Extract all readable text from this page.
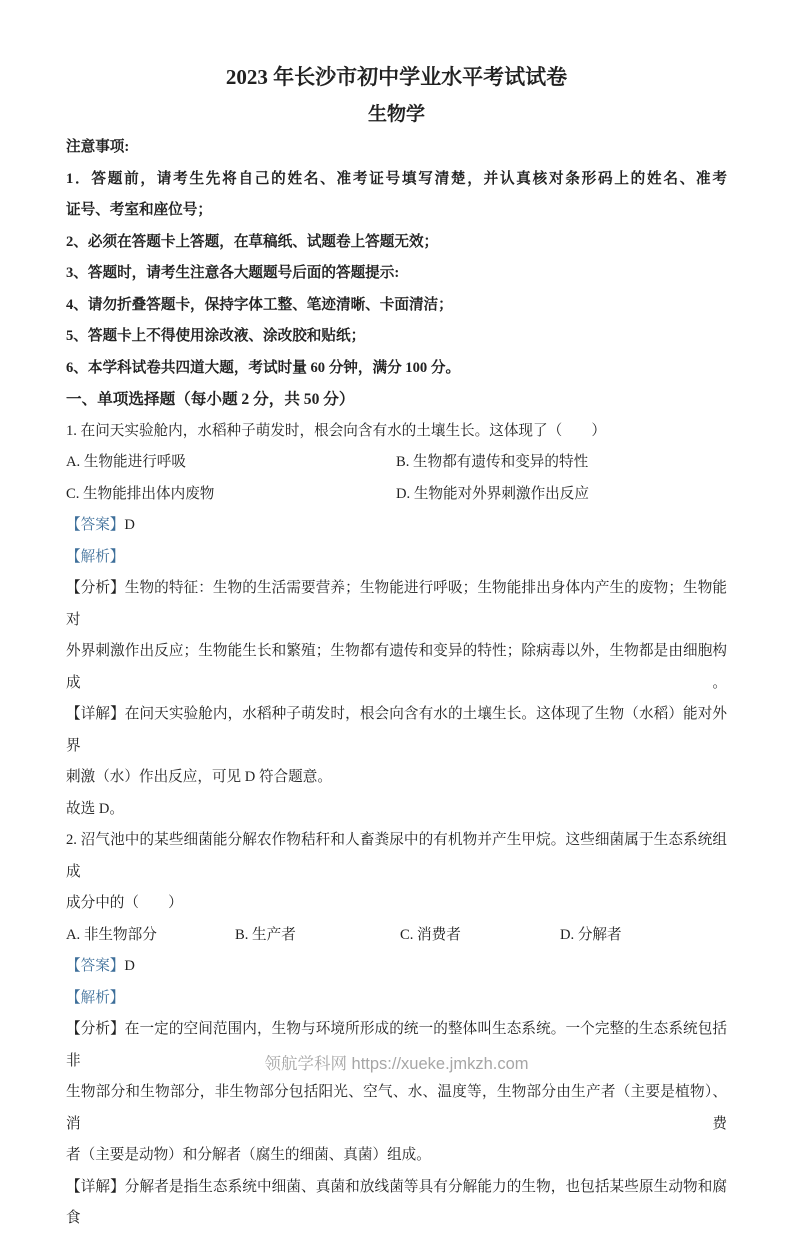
2023 年长沙市初中学业水平考试试卷
生物学
注意事项:
1．答题前，请考生先将自己的姓名、准考证号填写清楚，并认真核对条形码上的姓名、准考
证号、考室和座位号；
2、必须在答题卡上答题，在草稿纸、试题卷上答题无效；
3、答题时，请考生注意各大题题号后面的答题提示:
4、请勿折叠答题卡，保持字体工整、笔迹清晰、卡面清洁；
5、答题卡上不得使用涂改液、涂改胶和贴纸；
6、本学科试卷共四道大题，考试时量 60 分钟，满分 100 分。
一、单项选择题（每小题 2 分，共 50 分）
1. 在问天实验舱内，水稻种子萌发时，根会向含有水的土壤生长。这体现了（　　）
A. 生物能进行呼吸	B. 生物都有遗传和变异的特性
C. 生物能排出体内废物	D. 生物能对外界刺激作出反应
【答案】D
【解析】
【分析】生物的特征：生物的生活需要营养；生物能进行呼吸；生物能排出身体内产生的废物；生物能对
外界刺激作出反应；生物能生长和繁殖；生物都有遗传和变异的特性；除病毒以外，生物都是由细胞构成。
【详解】在问天实验舱内，水稻种子萌发时，根会向含有水的土壤生长。这体现了生物（水稻）能对外界
刺激（水）作出反应，可见 D 符合题意。
故选 D。
2. 沼气池中的某些细菌能分解农作物秸秆和人畜粪尿中的有机物并产生甲烷。这些细菌属于生态系统组成
成分中的（　　）
A. 非生物部分	B. 生产者	C. 消费者	D. 分解者
【答案】D
【解析】
【分析】在一定的空间范围内，生物与环境所形成的统一的整体叫生态系统。一个完整的生态系统包括非
生物部分和生物部分，非生物部分包括阳光、空气、水、温度等，生物部分由生产者（主要是植物）、消费
者（主要是动物）和分解者（腐生的细菌、真菌）组成。
【详解】分解者是指生态系统中细菌、真菌和放线菌等具有分解能力的生物，也包括某些原生动物和腐食
领航学科网 https://xueke.jmkzh.com
